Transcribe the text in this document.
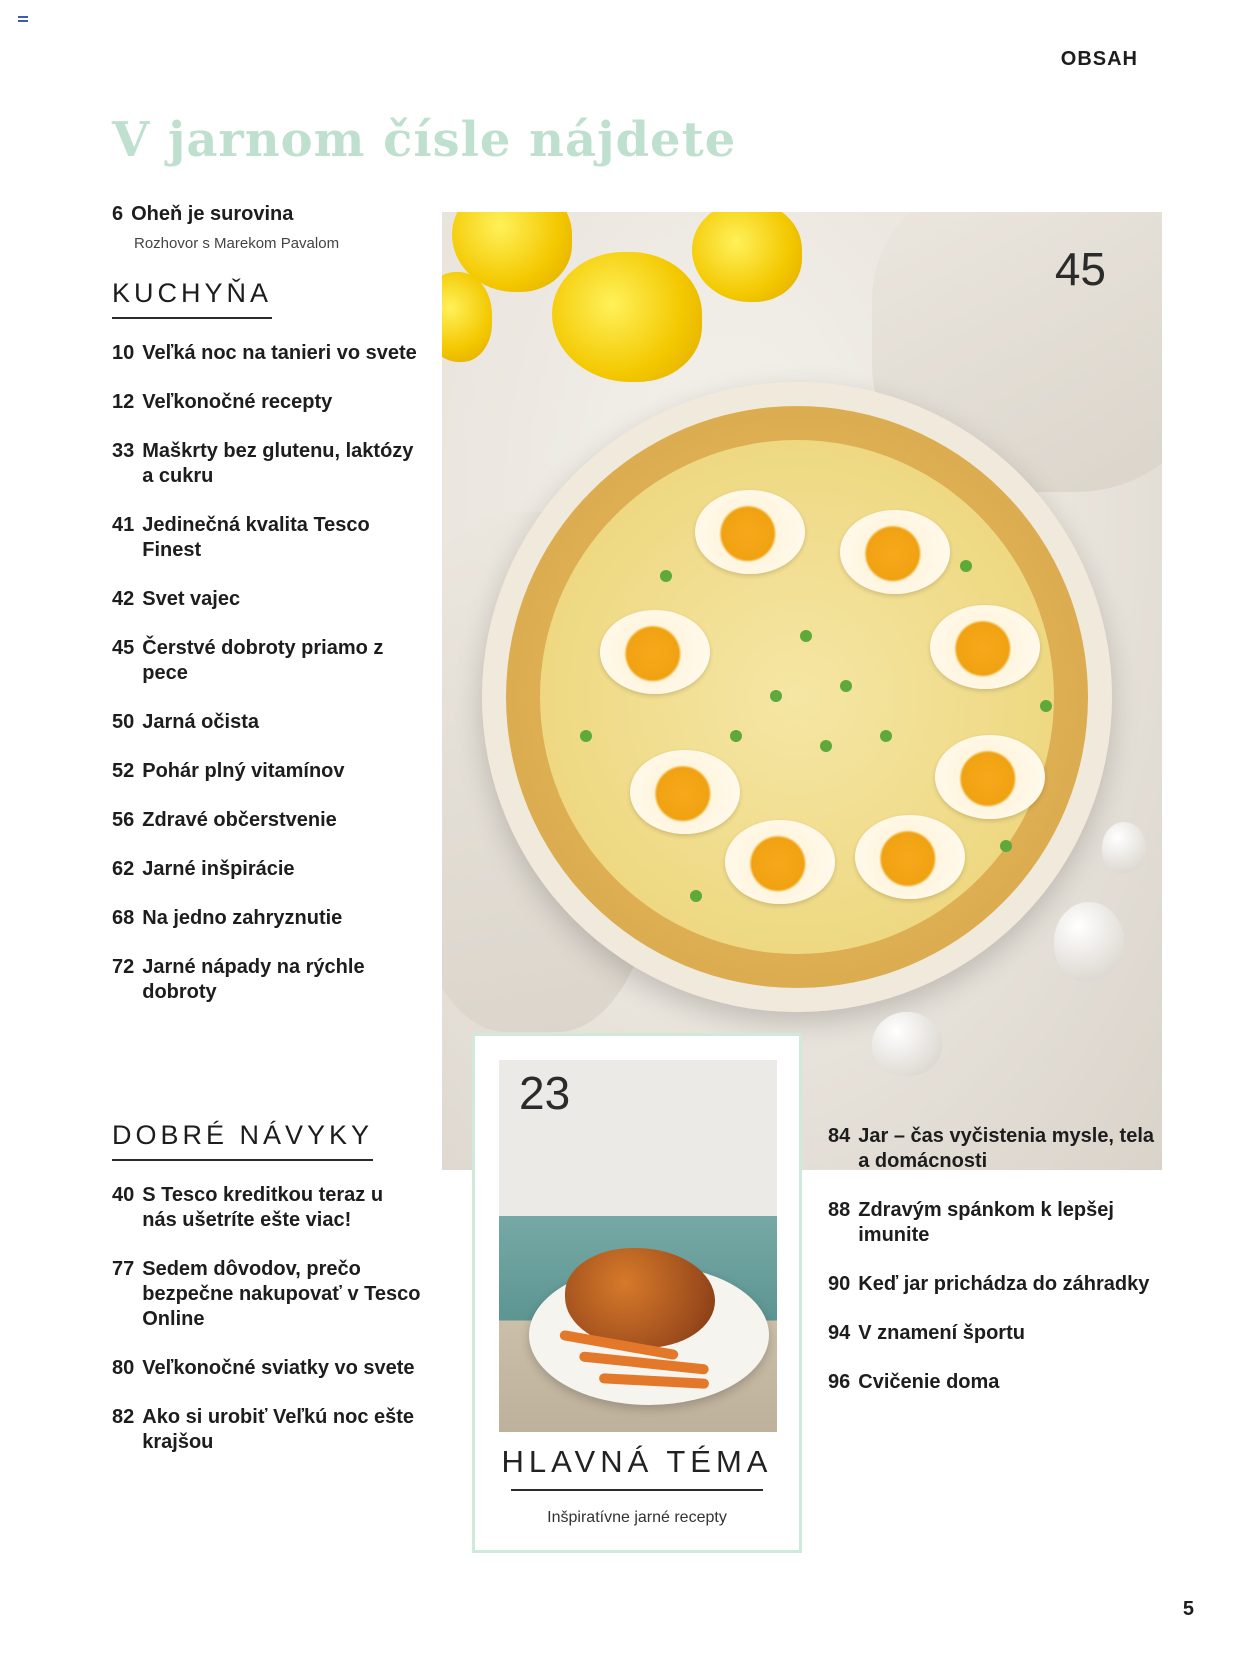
OBSAH
V jarnom čísle nájdete
6 Oheň je surovina
Rozhovor s Marekom Pavalom
KUCHYŇA
10 Veľká noc na tanieri vo svete
12 Veľkonočné recepty
33 Maškrty bez glutenu, laktózy a cukru
41 Jedinečná kvalita Tesco Finest
42 Svet vajec
45 Čerstvé dobroty priamo z pece
50 Jarná očista
52 Pohár plný vitamínov
56 Zdravé občerstvenie
62 Jarné inšpirácie
68 Na jedno zahryznutie
72 Jarné nápady na rýchle dobroty
DOBRÉ NÁVYKY
40 S Tesco kreditkou teraz u nás ušetríte ešte viac!
77 Sedem dôvodov, prečo bezpečne nakupovať v Tesco Online
80 Veľkonočné sviatky vo svete
82 Ako si urobiť Veľkú noc ešte krajšou
45
23
HLAVNÁ TÉMA
Inšpiratívne jarné recepty
84 Jar – čas vyčistenia mysle, tela a domácnosti
88 Zdravým spánkom k lepšej imunite
90 Keď jar prichádza do záhradky
94 V znamení športu
96 Cvičenie doma
5
